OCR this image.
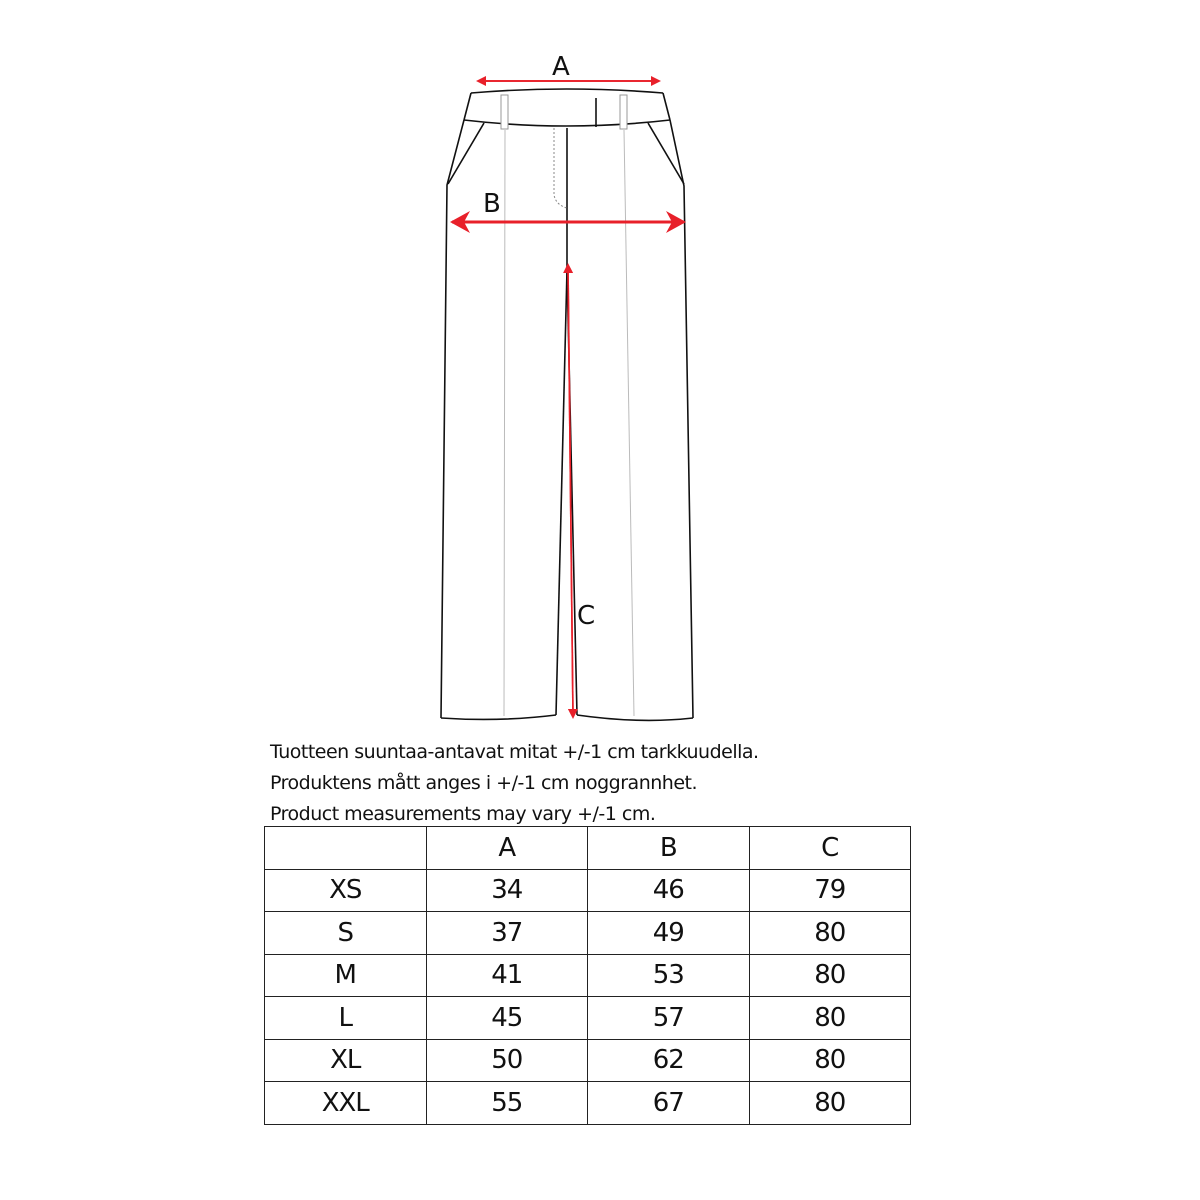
A
B
C
Tuotteen suuntaa-antavat mitat +/-1 cm tarkkuudella.
Produktens mått anges i +/-1 cm noggrannhet.
Product measurements may vary +/-1 cm.
	A	B	C
XS	34	46	79
S	37	49	80
M	41	53	80
L	45	57	80
XL	50	62	80
XXL	55	67	80
